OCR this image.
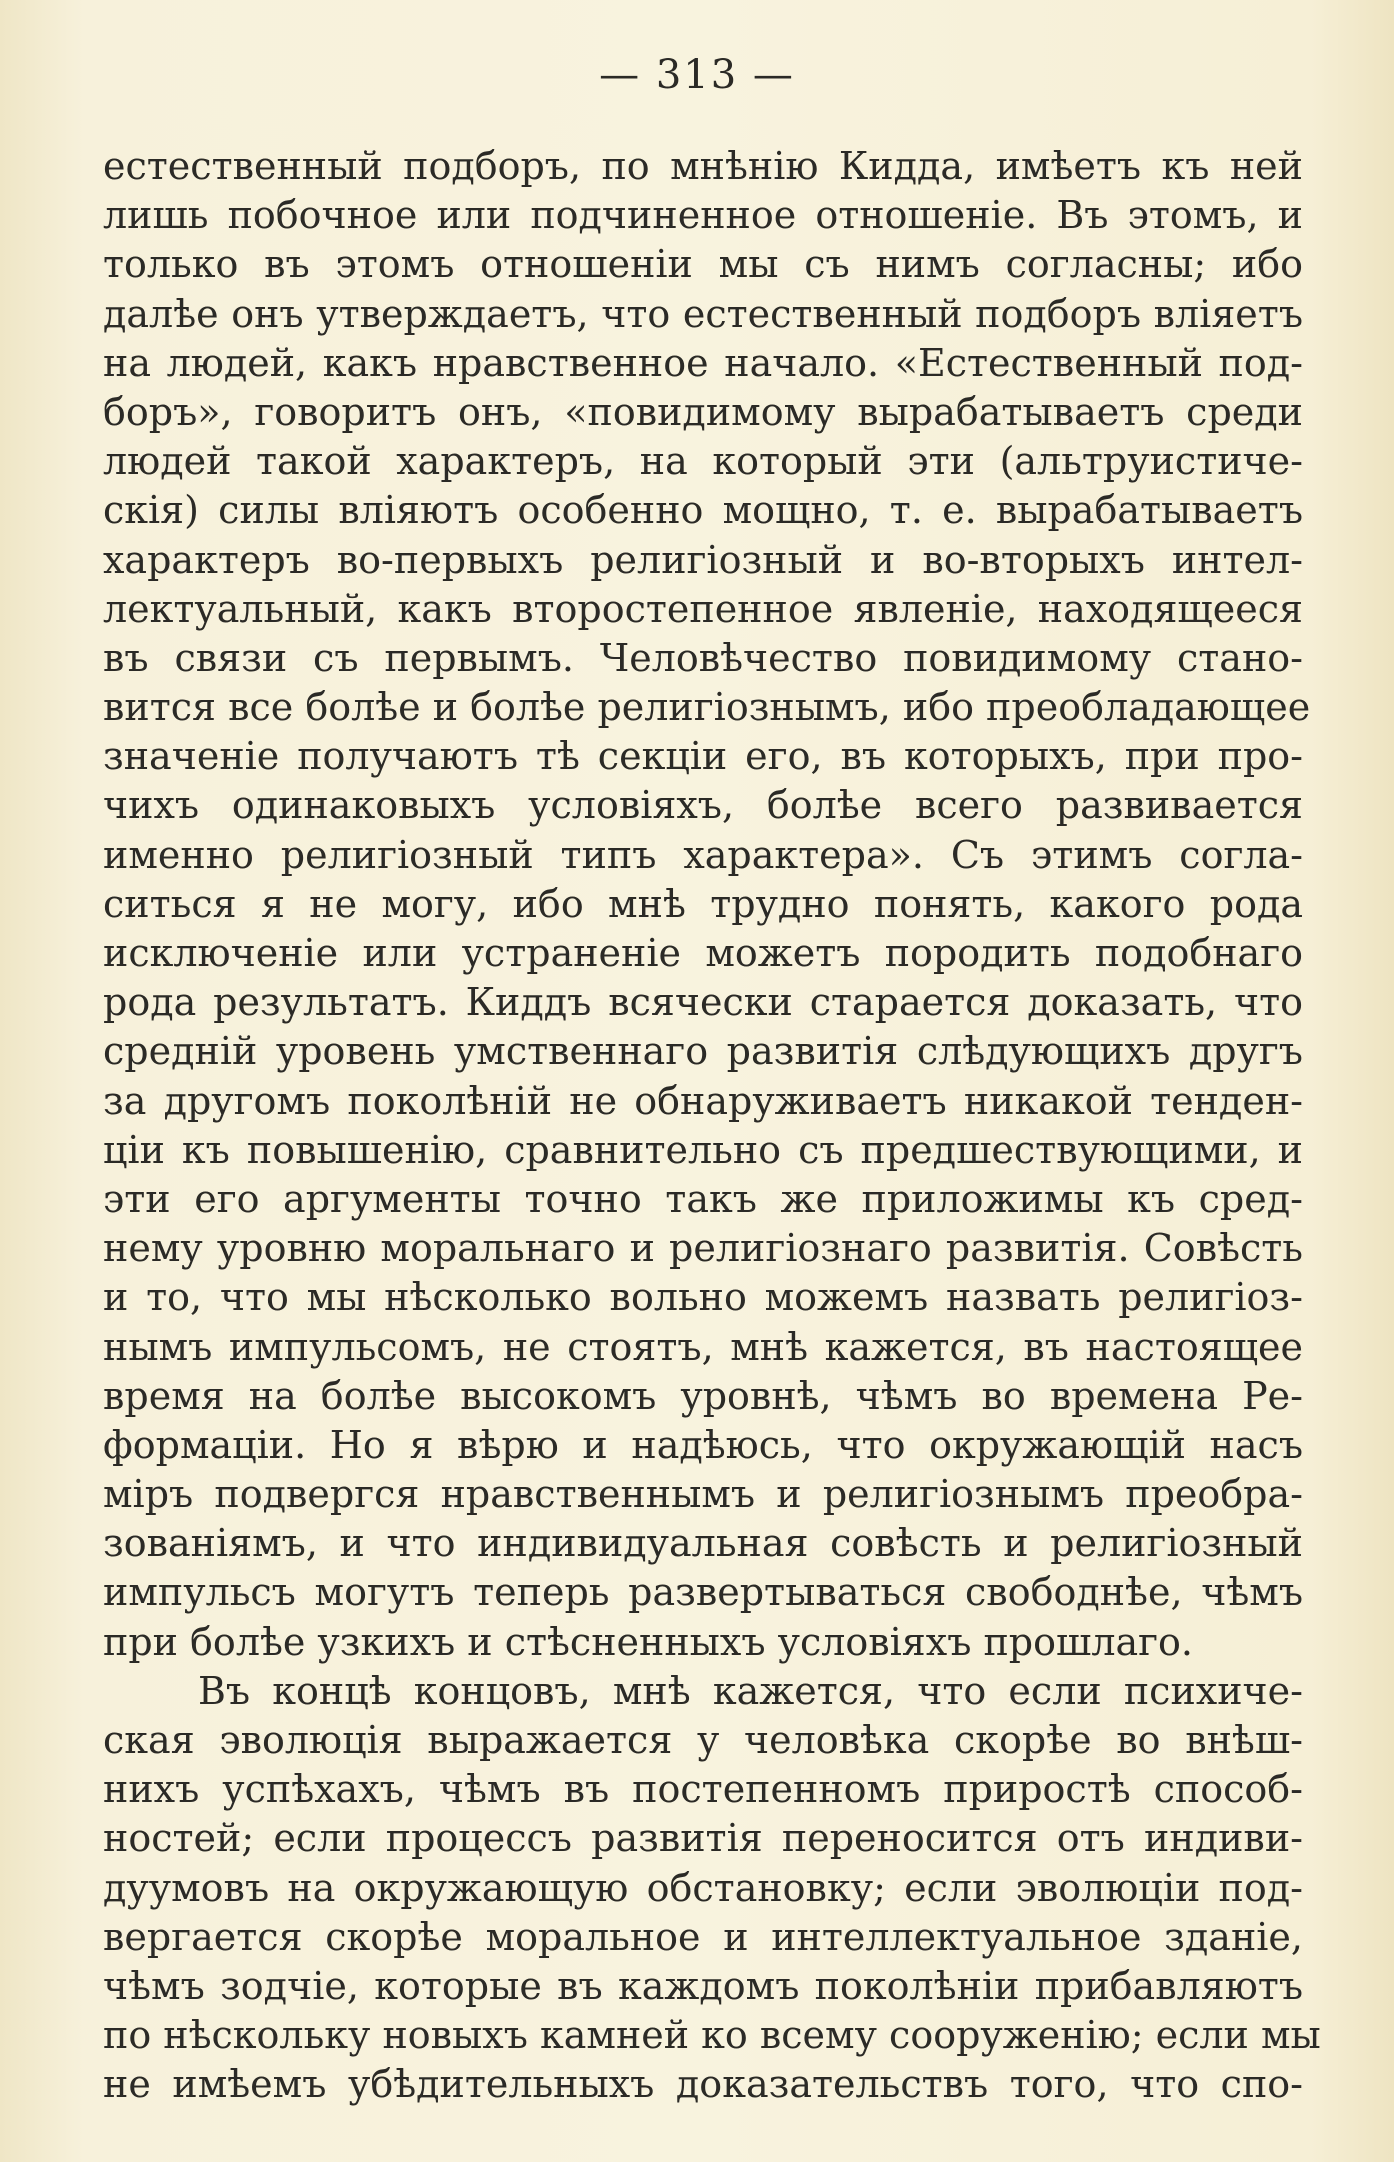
— 313 —
естественный подборъ, по мнѣнію Кидда, имѣетъ къ ней
лишь побочное или подчиненное отношеніе. Въ этомъ, и
только въ этомъ отношеніи мы съ нимъ согласны; ибо
далѣе онъ утверждаетъ, что естественный подборъ вліяетъ
на людей, какъ нравственное начало. «Естественный под-
боръ», говоритъ онъ, «повидимому вырабатываетъ среди
людей такой характеръ, на который эти (альтруистиче-
скія) силы вліяютъ особенно мощно, т. е. вырабатываетъ
характеръ во-первыхъ религіозный и во-вторыхъ интел-
лектуальный, какъ второстепенное явленіе, находящееся
въ связи съ первымъ. Человѣчество повидимому стано-
вится все болѣе и болѣе религіознымъ, ибо преобладающее
значеніе получаютъ тѣ секціи его, въ которыхъ, при про-
чихъ одинаковыхъ условіяхъ, болѣе всего развивается
именно религіозный типъ характера». Съ этимъ согла-
ситься я не могу, ибо мнѣ трудно понять, какого рода
исключеніе или устраненіе можетъ породить подобнаго
рода результатъ. Киддъ всячески старается доказать, что
средній уровень умственнаго развитія слѣдующихъ другъ
за другомъ поколѣній не обнаруживаетъ никакой тенден-
ціи къ повышенію, сравнительно съ предшествующими, и
эти его аргументы точно такъ же приложимы къ сред-
нему уровню моральнаго и религіознаго развитія. Совѣсть
и то, что мы нѣсколько вольно можемъ назвать религіоз-
нымъ импульсомъ, не стоятъ, мнѣ кажется, въ настоящее
время на болѣе высокомъ уровнѣ, чѣмъ во времена Ре-
формаціи. Но я вѣрю и надѣюсь, что окружающій насъ
міръ подвергся нравственнымъ и религіознымъ преобра-
зованіямъ, и что индивидуальная совѣсть и религіозный
импульсъ могутъ теперь развертываться свободнѣе, чѣмъ
при болѣе узкихъ и стѣсненныхъ условіяхъ прошлаго.
Въ концѣ концовъ, мнѣ кажется, что если психиче-
ская эволюція выражается у человѣка скорѣе во внѣш-
нихъ успѣхахъ, чѣмъ въ постепенномъ приростѣ способ-
ностей; если процессъ развитія переносится отъ индиви-
дуумовъ на окружающую обстановку; если эволюціи под-
вергается скорѣе моральное и интеллектуальное зданіе,
чѣмъ зодчіе, которые въ каждомъ поколѣніи прибавляютъ
по нѣскольку новыхъ камней ко всему сооруженію; если мы
не имѣемъ убѣдительныхъ доказательствъ того, что спо-
